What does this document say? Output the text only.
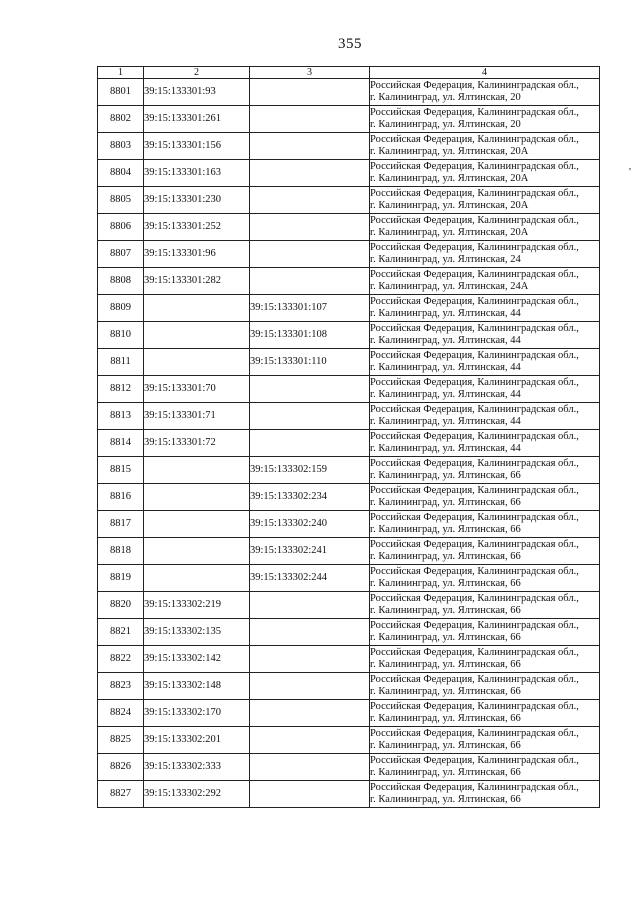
355
'
1	2	3	4
8801	39:15:133301:93		Российская Федерация, Калининградская обл.,
г. Калининград, ул. Ялтинская, 20

8802	39:15:133301:261		Российская Федерация, Калининградская обл.,
г. Калининград, ул. Ялтинская, 20

8803	39:15:133301:156		Российская Федерация, Калининградская обл.,
г. Калининград, ул. Ялтинская, 20А

8804	39:15:133301:163		Российская Федерация, Калининградская обл.,
г. Калининград, ул. Ялтинская, 20А

8805	39:15:133301:230		Российская Федерация, Калининградская обл.,
г. Калининград, ул. Ялтинская, 20А

8806	39:15:133301:252		Российская Федерация, Калининградская обл.,
г. Калининград, ул. Ялтинская, 20А

8807	39:15:133301:96		Российская Федерация, Калининградская обл.,
г. Калининград, ул. Ялтинская, 24

8808	39:15:133301:282		Российская Федерация, Калининградская обл.,
г. Калининград, ул. Ялтинская, 24А

8809		39:15:133301:107	Российская Федерация, Калининградская обл.,
г. Калининград, ул. Ялтинская, 44

8810		39:15:133301:108	Российская Федерация, Калининградская обл.,
г. Калининград, ул. Ялтинская, 44

8811		39:15:133301:110	Российская Федерация, Калининградская обл.,
г. Калининград, ул. Ялтинская, 44

8812	39:15:133301:70		Российская Федерация, Калининградская обл.,
г. Калининград, ул. Ялтинская, 44

8813	39:15:133301:71		Российская Федерация, Калининградская обл.,
г. Калининград, ул. Ялтинская, 44

8814	39:15:133301:72		Российская Федерация, Калининградская обл.,
г. Калининград, ул. Ялтинская, 44

8815		39:15:133302:159	Российская Федерация, Калининградская обл.,
г. Калининград, ул. Ялтинская, 66

8816		39:15:133302:234	Российская Федерация, Калининградская обл.,
г. Калининград, ул. Ялтинская, 66

8817		39:15:133302:240	Российская Федерация, Калининградская обл.,
г. Калининград, ул. Ялтинская, 66

8818		39:15:133302:241	Российская Федерация, Калининградская обл.,
г. Калининград, ул. Ялтинская, 66

8819		39:15:133302:244	Российская Федерация, Калининградская обл.,
г. Калининград, ул. Ялтинская, 66

8820	39:15:133302:219		Российская Федерация, Калининградская обл.,
г. Калининград, ул. Ялтинская, 66

8821	39:15:133302:135		Российская Федерация, Калининградская обл.,
г. Калининград, ул. Ялтинская, 66

8822	39:15:133302:142		Российская Федерация, Калининградская обл.,
г. Калининград, ул. Ялтинская, 66

8823	39:15:133302:148		Российская Федерация, Калининградская обл.,
г. Калининград, ул. Ялтинская, 66

8824	39:15:133302:170		Российская Федерация, Калининградская обл.,
г. Калининград, ул. Ялтинская, 66

8825	39:15:133302:201		Российская Федерация, Калининградская обл.,
г. Калининград, ул. Ялтинская, 66

8826	39:15:133302:333		Российская Федерация, Калининградская обл.,
г. Калининград, ул. Ялтинская, 66

8827	39:15:133302:292		Российская Федерация, Калининградская обл.,
г. Калининград, ул. Ялтинская, 66
